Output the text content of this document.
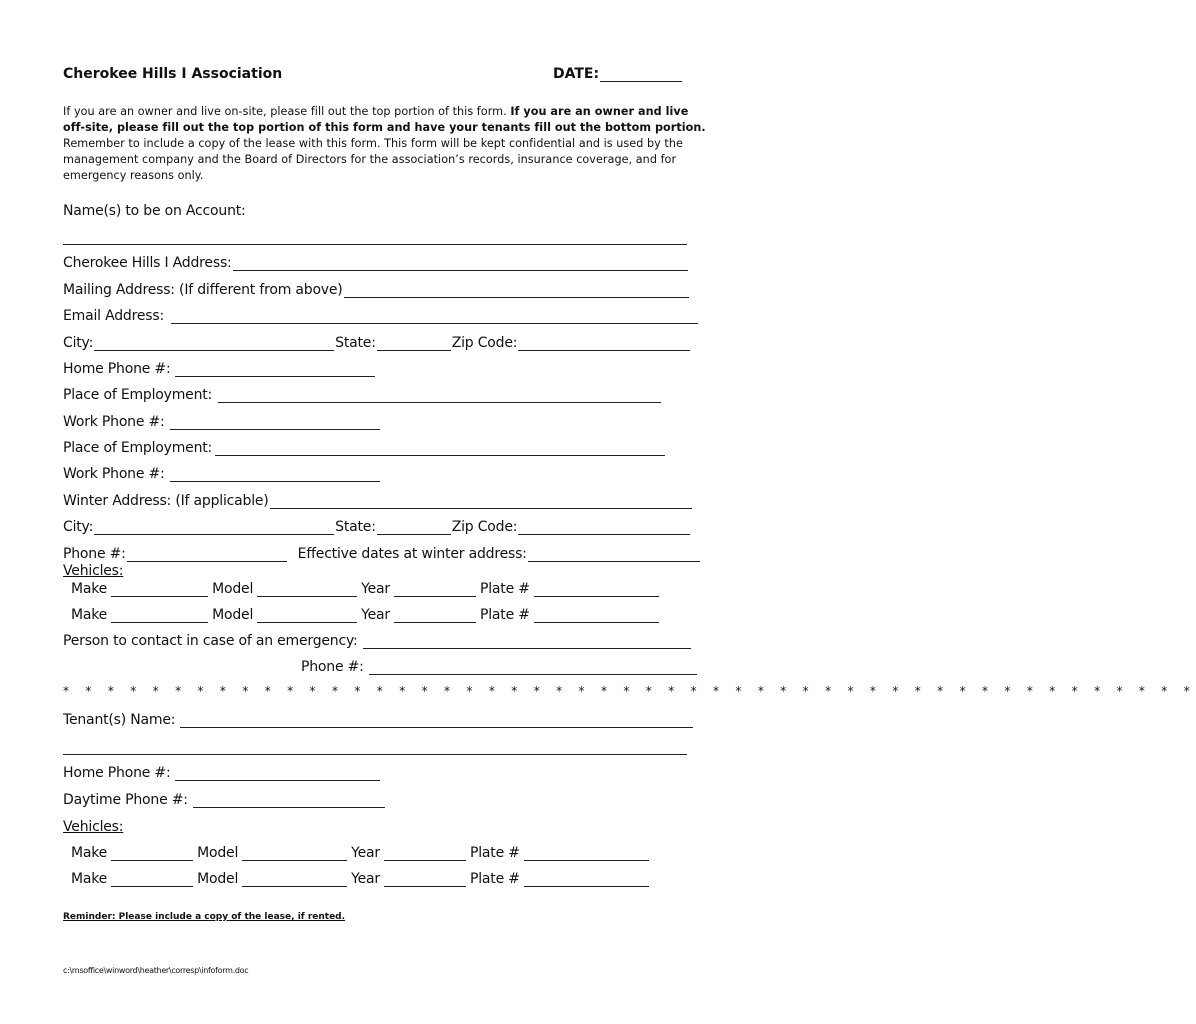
Cherokee Hills I Association	DATE:
If you are an owner and live on-site, please fill out the top portion of this form. If you are an owner and live off-site, please fill out the top portion of this form and have your tenants fill out the bottom portion. Remember to include a copy of the lease with this form. This form will be kept confidential and is used by the management company and the Board of Directors for the association’s records, insurance coverage, and for emergency reasons only.
Name(s) to be on Account:
Cherokee Hills I Address:
Mailing Address: (If different from above)
Email Address:
City:	State:	Zip Code:
Home Phone #:
Place of Employment:
Work Phone #:
Place of Employment:
Work Phone #:
Winter Address: (If applicable)
City:	State:	Zip Code:
Phone #:	Effective dates at winter address:
Vehicles:
Make	Model	Year	Plate #
Make	Model	Year	Plate #
Person to contact in case of an emergency:
Phone #:
* * * * * * * * * * * * * * * * * * * * * * * * * * * * * * * * * * * * * * * * * * * * * * * * * * *
Tenant(s) Name:
Home Phone #:
Daytime Phone #:
Vehicles:
Make	Model	Year	Plate #
Make	Model	Year	Plate #
Reminder: Please include a copy of the lease, if rented.
c:\msoffice\winword\heather\corresp\infoform.doc
